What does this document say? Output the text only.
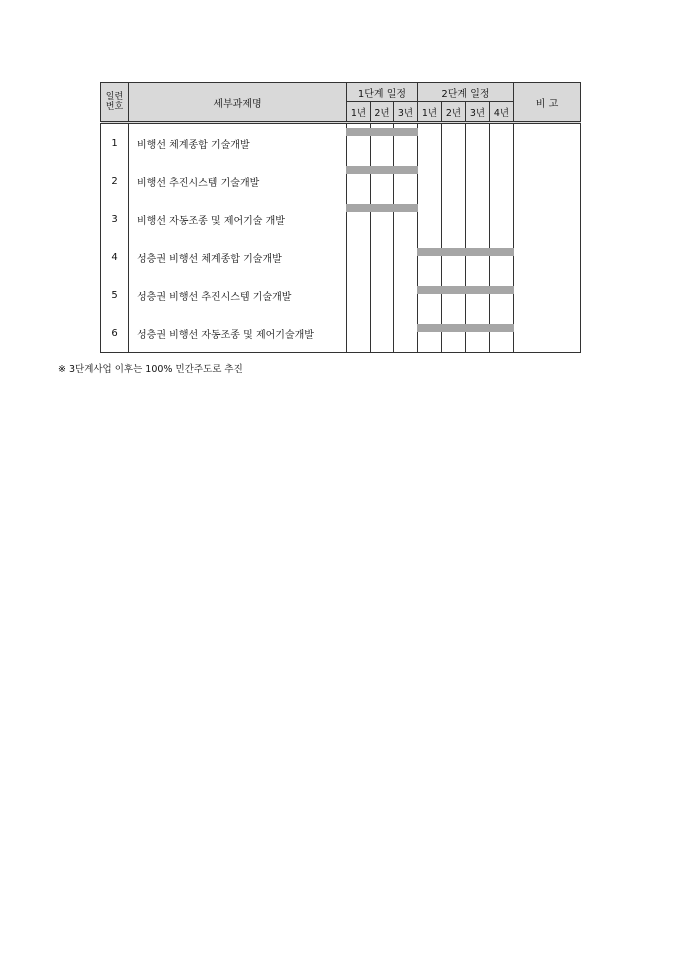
일련
번호	세부과제명	1단계 일정			2단계 일정				비 고
		1년	2년	3년	1년	2년	3년	4년	
1	비행선 체계종합 기술개발	

2	비행선 추진시스템 기술개발	

3	비행선 자동조종 및 제어기술 개발	

4	성층권 비행선 체계종합 기술개발				

5	성층권 비행선 추진시스템 기술개발				

6	성층권 비행선 자동조종 및 제어기술개발				

※ 3단계사업 이후는 100% 민간주도로 추진
